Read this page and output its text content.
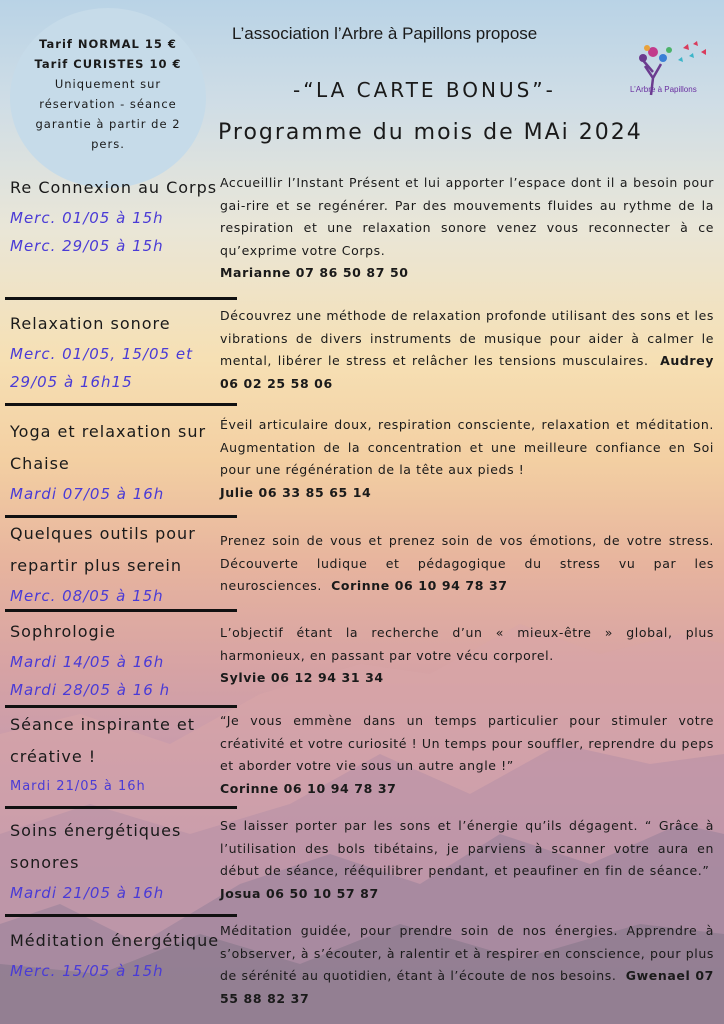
Tarif NORMAL 15 €
Tarif CURISTES 10 €
Uniquement sur réservation - séance garantie à partir de 2 pers.
L’association l’Arbre à Papillons propose
-“LA CARTE BONUS”-
Programme du mois de MAi 2024
L’Arbre à Papillons
Re Connexion au Corps
Merc. 01/05 à 15h
Merc. 29/05 à 15h
Accueillir l’Instant Présent et lui apporter l’espace dont il a besoin pour gai-rire et se regénérer. Par des mouvements fluides au rythme de la respiration et une relaxation sonore venez vous reconnecter à ce qu’exprime votre Corps.
Marianne 07 86 50 87 50
Relaxation sonore
Merc. 01/05, 15/05 et 29/05 à 16h15
Découvrez une méthode de relaxation profonde utilisant des sons et les vibrations de divers instruments de musique pour aider à calmer le mental, libérer le stress et relâcher les tensions musculaires. Audrey 06 02 25 58 06
Yoga et relaxation sur Chaise
Mardi 07/05 à 16h
Éveil articulaire doux, respiration consciente, relaxation et méditation. Augmentation de la concentration et une meilleure confiance en Soi pour une régénération de la tête aux pieds !
Julie 06 33 85 65 14
Quelques outils pour repartir plus serein
Merc. 08/05 à 15h
Prenez soin de vous et prenez soin de vos émotions, de votre stress. Découverte ludique et pédagogique du stress vu par les neurosciences. Corinne 06 10 94 78 37
Sophrologie
Mardi 14/05 à 16h
Mardi 28/05 à 16 h
L’objectif étant la recherche d’un « mieux-être » global, plus harmonieux, en passant par votre vécu corporel.
Sylvie 06 12 94 31 34
Séance inspirante et créative !
Mardi 21/05 à 16h
“Je vous emmène dans un temps particulier pour stimuler votre créativité et votre curiosité ! Un temps pour souffler, reprendre du peps et aborder votre vie sous un autre angle !”
Corinne 06 10 94 78 37
Soins énergétiques sonores
Mardi 21/05 à 16h
Se laisser porter par les sons et l’énergie qu’ils dégagent. “ Grâce à l’utilisation des bols tibétains, je parviens à scanner votre aura en début de séance, rééquilibrer pendant, et peaufiner en fin de séance.”  Josua 06 50 10 57 87
Méditation énergétique
Merc. 15/05 à 15h
Méditation guidée, pour prendre soin de nos énergies. Apprendre à s’observer, à s’écouter, à ralentir et à respirer en conscience, pour plus de sérénité au quotidien, étant à l’écoute de nos besoins. Gwenael 07 55 88 82 37
